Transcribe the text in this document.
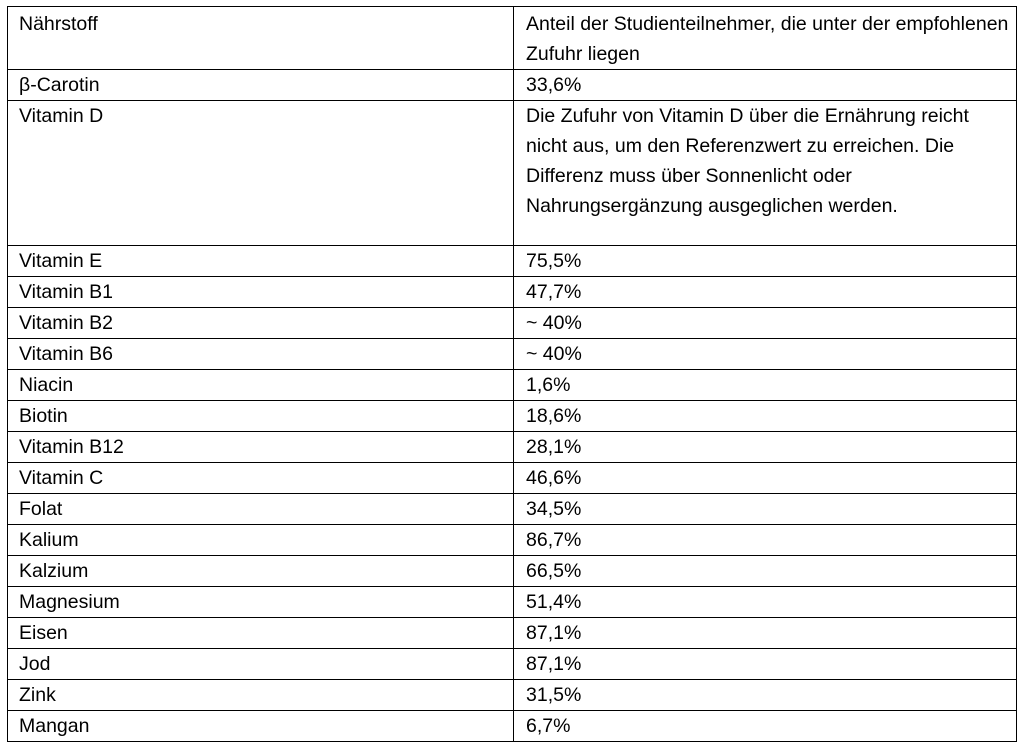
Nährstoff	Anteil der Studienteilnehmer, die unter der empfohlenen Zufuhr liegen
β-Carotin	33,6%
Vitamin D	Die Zufuhr von Vitamin D über die Ernährung reicht nicht aus, um den Referenzwert zu erreichen. Die Differenz muss über Sonnenlicht oder Nahrungsergänzung ausgeglichen werden.
Vitamin E	75,5%
Vitamin B1	47,7%
Vitamin B2	~ 40%
Vitamin B6	~ 40%
Niacin	1,6%
Biotin	18,6%
Vitamin B12	28,1%
Vitamin C	46,6%
Folat	34,5%
Kalium	86,7%
Kalzium	66,5%
Magnesium	51,4%
Eisen	87,1%
Jod	87,1%
Zink	31,5%
Mangan	6,7%
